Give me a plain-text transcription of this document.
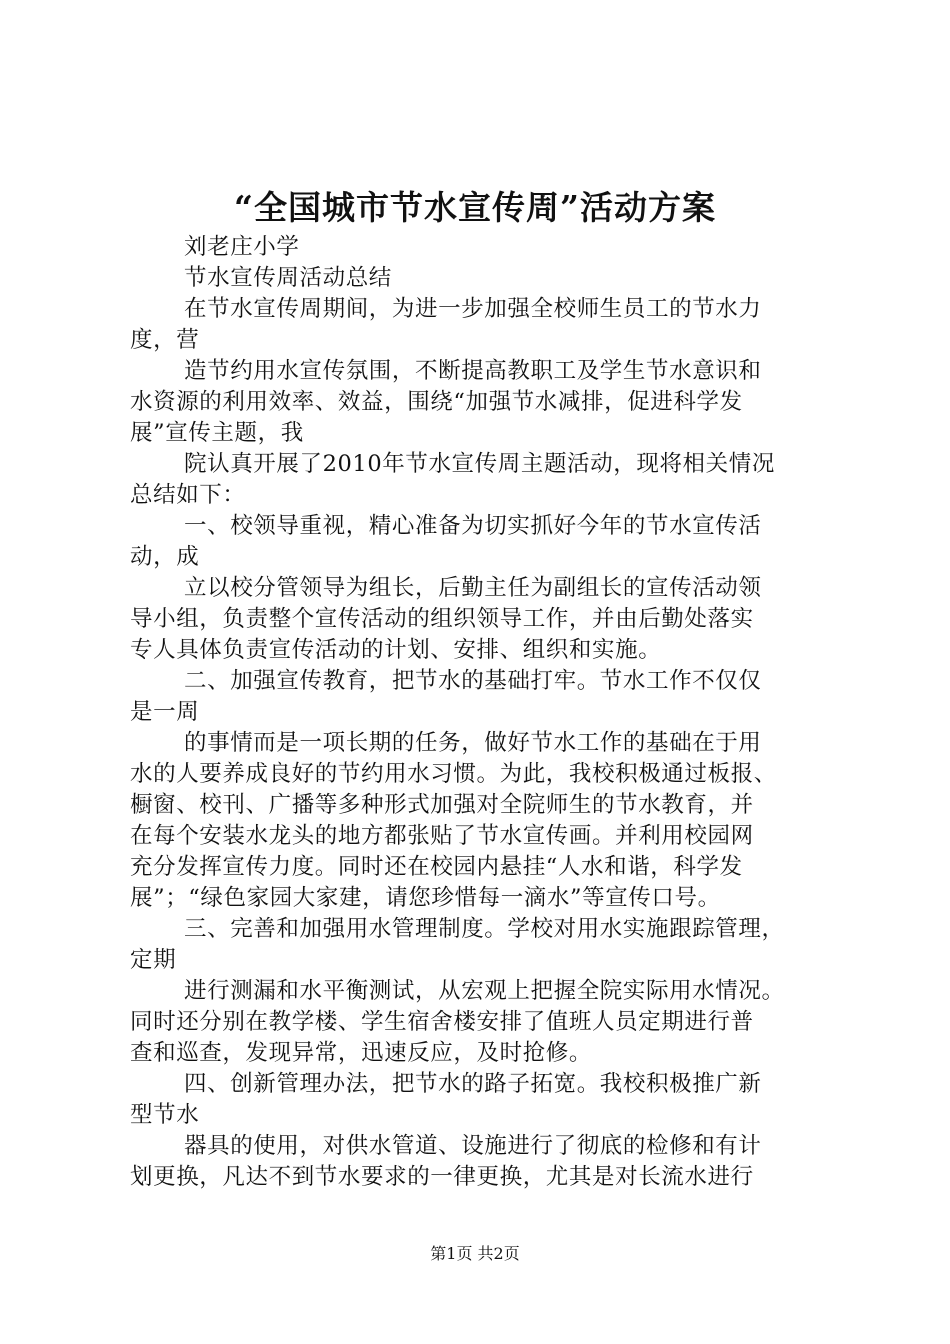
“全国城市节水宣传周”活动方案
刘老庄小学
节水宣传周活动总结
在节水宣传周期间，为进一步加强全校师生员工的节水力
度，营
造节约用水宣传氛围，不断提高教职工及学生节水意识和
水资源的利用效率、效益，围绕“加强节水减排，促进科学发
展”宣传主题，我
院认真开展了2010年节水宣传周主题活动，现将相关情况
总结如下：
一、校领导重视，精心准备为切实抓好今年的节水宣传活
动，成
立以校分管领导为组长，后勤主任为副组长的宣传活动领
导小组，负责整个宣传活动的组织领导工作，并由后勤处落实
专人具体负责宣传活动的计划、安排、组织和实施。
二、加强宣传教育，把节水的基础打牢。节水工作不仅仅
是一周
的事情而是一项长期的任务，做好节水工作的基础在于用
水的人要养成良好的节约用水习惯。为此，我校积极通过板报、
橱窗、校刊、广播等多种形式加强对全院师生的节水教育，并
在每个安装水龙头的地方都张贴了节水宣传画。并利用校园网
充分发挥宣传力度。同时还在校园内悬挂“人水和谐，科学发
展”；“绿色家园大家建，请您珍惜每一滴水”等宣传口号。
三、完善和加强用水管理制度。学校对用水实施跟踪管理，
定期
进行测漏和水平衡测试，从宏观上把握全院实际用水情况。
同时还分别在教学楼、学生宿舍楼安排了值班人员定期进行普
查和巡查，发现异常，迅速反应，及时抢修。
四、创新管理办法，把节水的路子拓宽。我校积极推广新
型节水
器具的使用，对供水管道、设施进行了彻底的检修和有计
划更换，凡达不到节水要求的一律更换，尤其是对长流水进行
第1页 共2页
